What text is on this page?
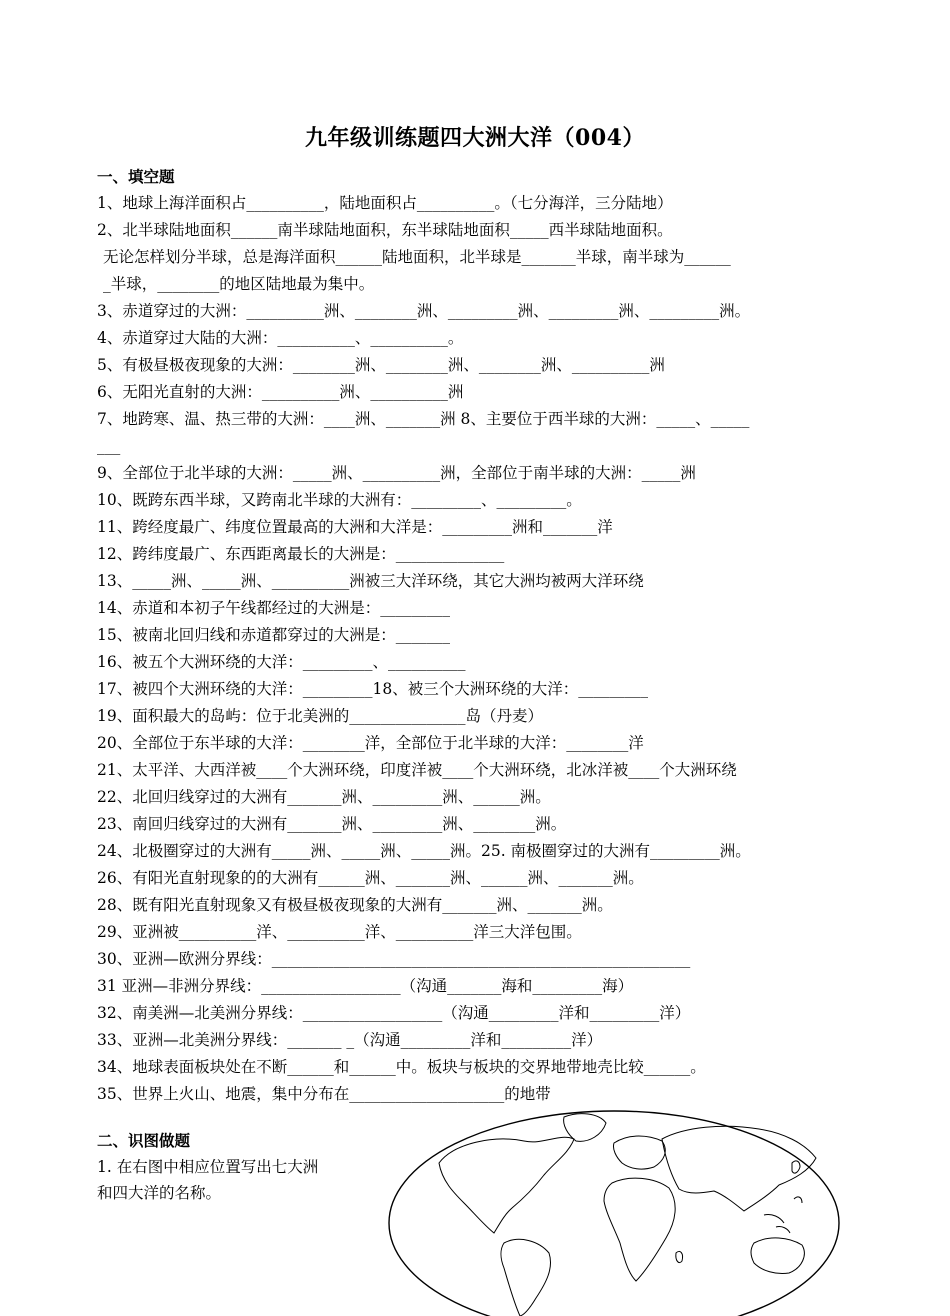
九年级训练题四大洲大洋（004）
一、填空题
1、地球上海洋面积占__________，陆地面积占__________。（七分海洋，三分陆地）
2、北半球陆地面积______南半球陆地面积，东半球陆地面积_____西半球陆地面积。
无论怎样划分半球，总是海洋面积______陆地面积，北半球是_______半球，南半球为______
_半球，________的地区陆地最为集中。
3、赤道穿过的大洲：__________洲、________洲、_________洲、_________洲、_________洲。
4、赤道穿过大陆的大洲：__________、__________。
5、有极昼极夜现象的大洲：________洲、________洲、________洲、__________洲
6、无阳光直射的大洲：__________洲、__________洲
7、地跨寒、温、热三带的大洲：____洲、_______洲 8、主要位于西半球的大洲：_____、_____
___
9、全部位于北半球的大洲：_____洲、__________洲，全部位于南半球的大洲：_____洲
10、既跨东西半球，又跨南北半球的大洲有：_________、_________。
11、跨经度最广、纬度位置最高的大洲和大洋是：_________洲和_______洋
12、跨纬度最广、东西距离最长的大洲是：______________
13、_____洲、_____洲、__________洲被三大洋环绕，其它大洲均被两大洋环绕
14、赤道和本初子午线都经过的大洲是：_________
15、被南北回归线和赤道都穿过的大洲是：_______
16、被五个大洲环绕的大洋：_________、__________
17、被四个大洲环绕的大洋：_________18、被三个大洲环绕的大洋：_________
19、面积最大的岛屿：位于北美洲的_______________岛（丹麦）
20、全部位于东半球的大洋：________洋，全部位于北半球的大洋：________洋
21、太平洋、大西洋被____个大洲环绕，印度洋被____个大洲环绕，北冰洋被____个大洲环绕
22、北回归线穿过的大洲有_______洲、_________洲、______洲。
23、南回归线穿过的大洲有_______洲、_________洲、________洲。
24、北极圈穿过的大洲有_____洲、_____洲、_____洲。25. 南极圈穿过的大洲有_________洲。
26、有阳光直射现象的的大洲有______洲、_______洲、______洲、_______洲。
28、既有阳光直射现象又有极昼极夜现象的大洲有_______洲、_______洲。
29、亚洲被__________洋、__________洋、__________洋三大洋包围。
30、亚洲—欧洲分界线：______________________________________________________
31 亚洲—非洲分界线：__________________（沟通_______海和_________海）
32、南美洲—北美洲分界线：__________________（沟通_________洋和_________洋）
33、亚洲—北美洲分界线：_______ _（沟通_________洋和_________洋）
34、地球表面板块处在不断______和______中。板块与板块的交界地带地壳比较______。
35、世界上火山、地震，集中分布在____________________的地带
二、识图做题
1. 在右图中相应位置写出七大洲
和四大洋的名称。
